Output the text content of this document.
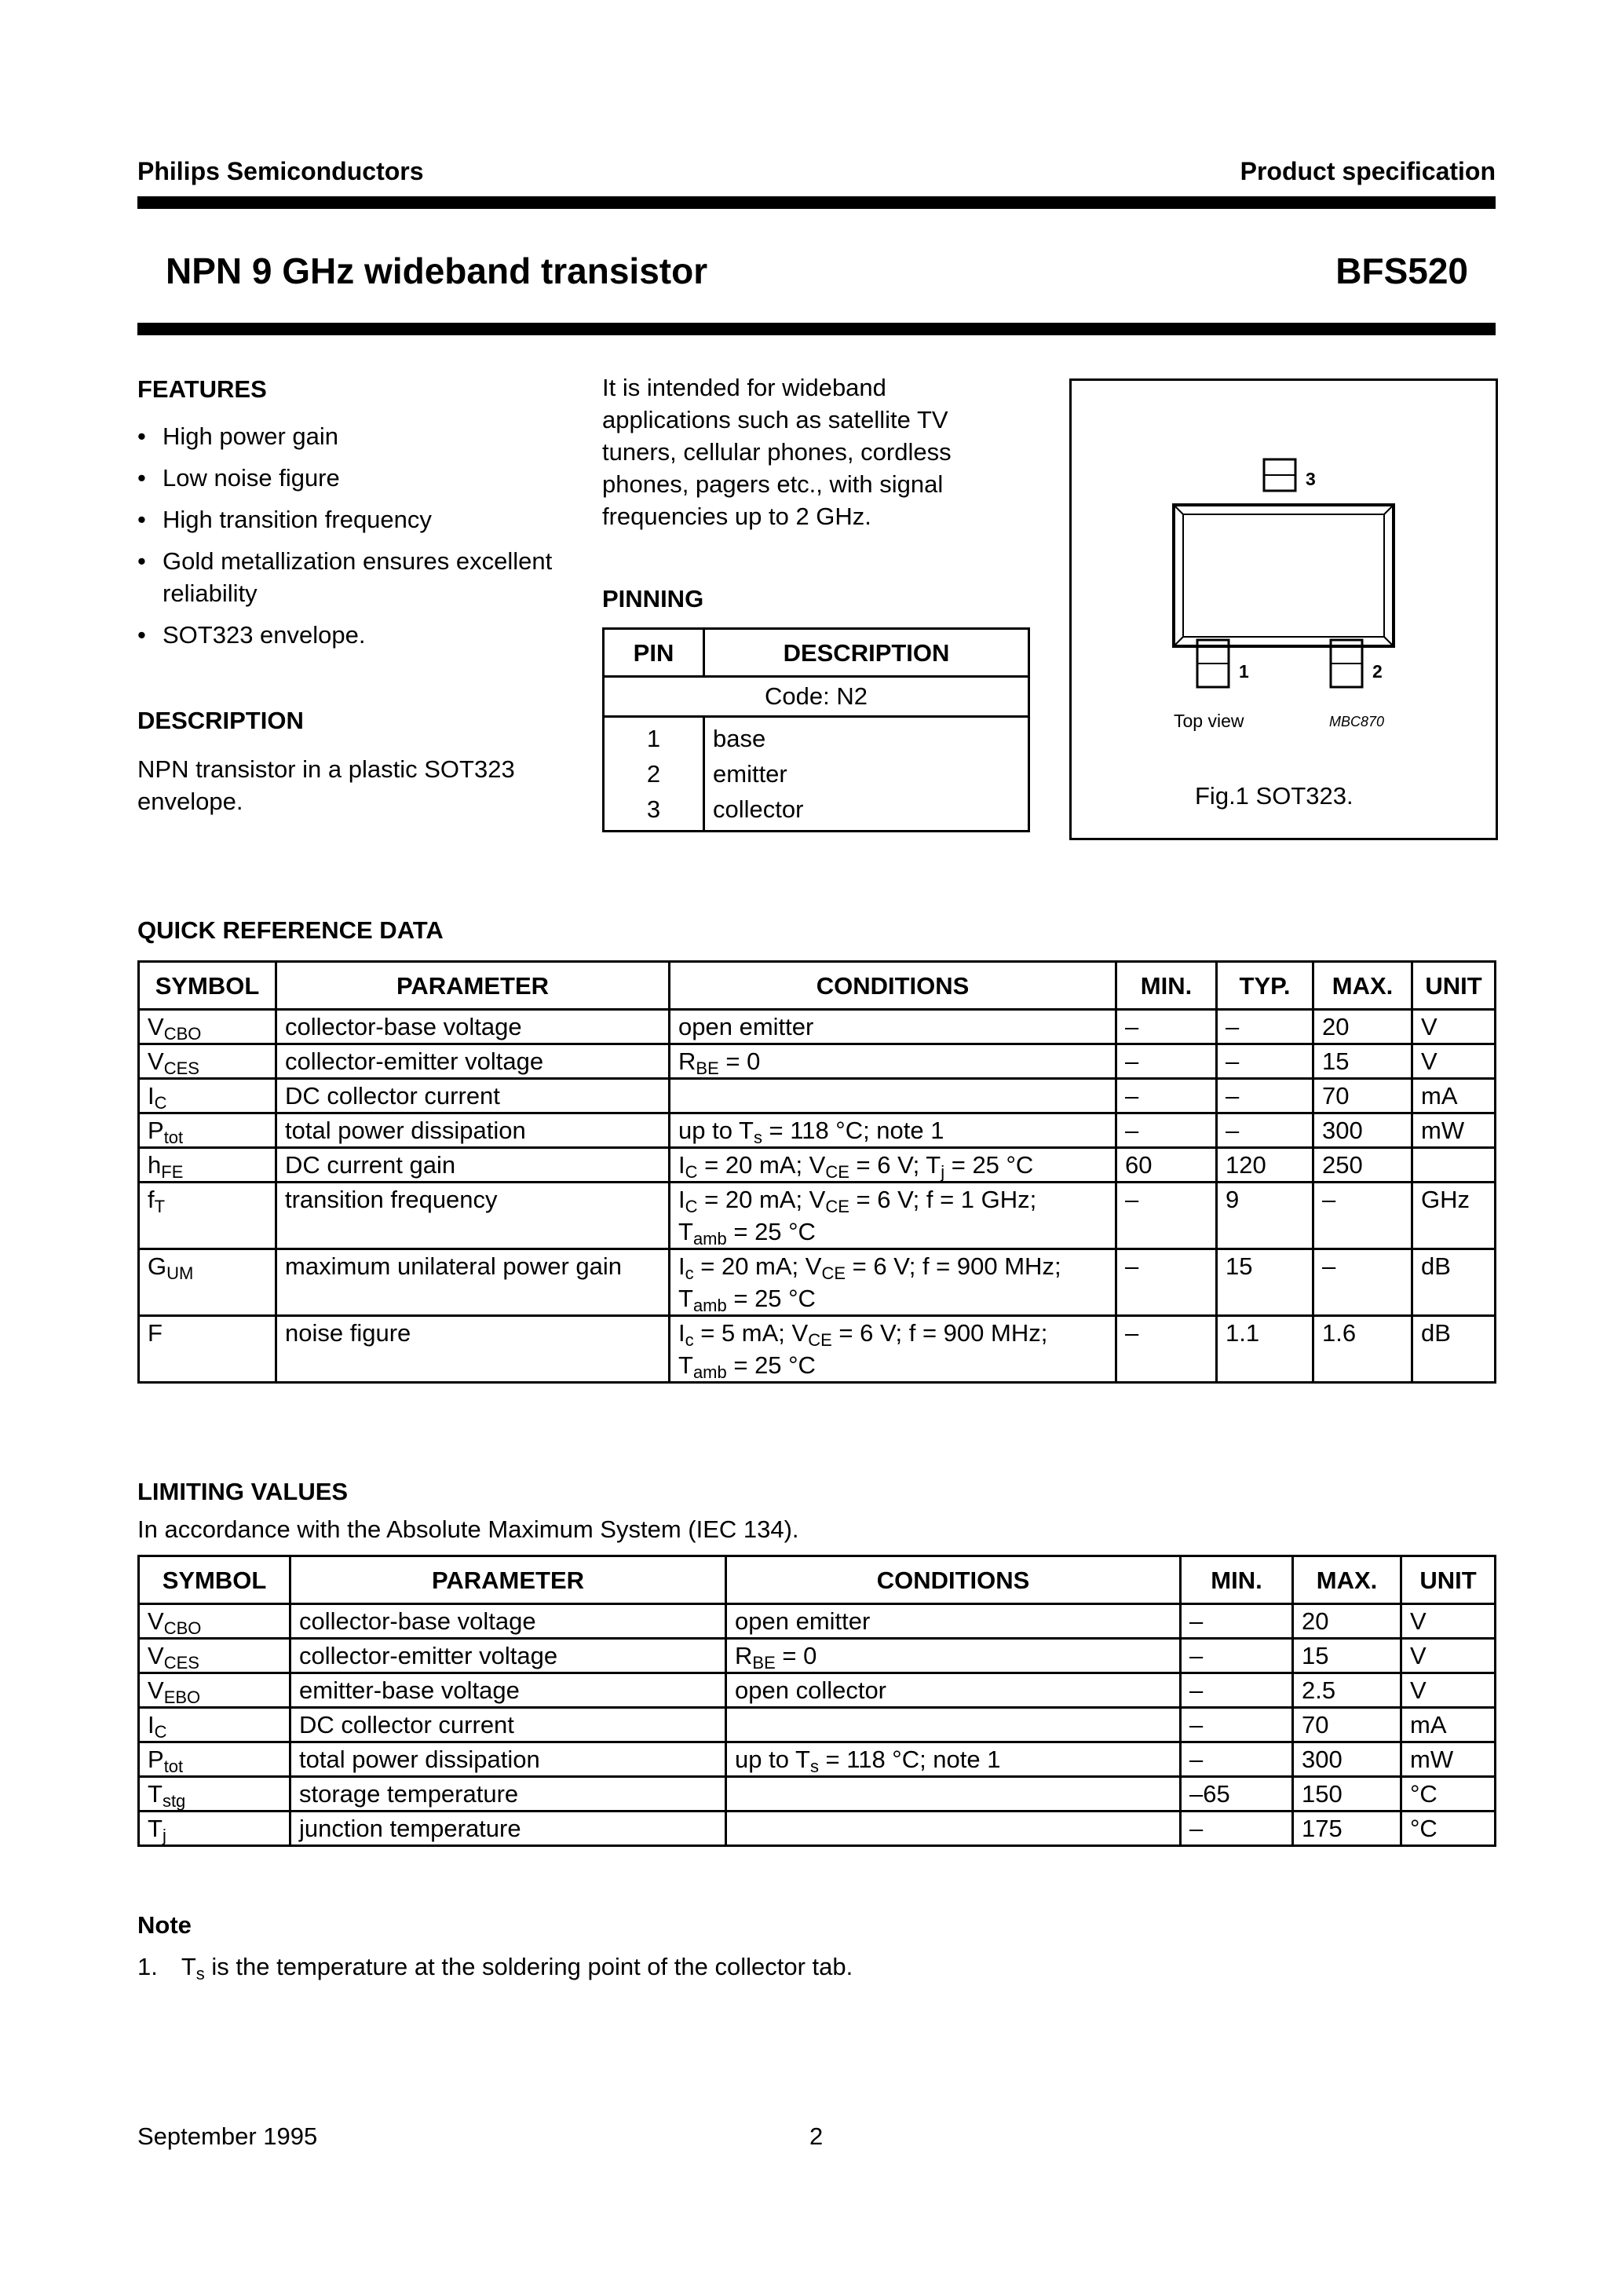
Philips Semiconductors	Product specification
NPN 9 GHz wideband transistor	BFS520
FEATURES
• High power gain
• Low noise figure
• High transition frequency
• Gold metallization ensures excellent reliability
• SOT323 envelope.
DESCRIPTION
NPN transistor in a plastic SOT323 envelope.
It is intended for wideband applications such as satellite TV tuners, cellular phones, cordless phones, pagers etc., with signal frequencies up to 2 GHz.
PINNING
PIN	DESCRIPTION
Code: N2	
1	base
2	emitter
3	collector
3
1	2
Top view	MBC870
Fig.1 SOT323.
QUICK REFERENCE DATA
SYMBOL	PARAMETER	CONDITIONS	MIN.	TYP.	MAX.	UNIT
$V_{CBO}$	collector-base voltage	open emitter	–	–	20	V
$V_{CES}$	collector-emitter voltage	$R_{BE} = 0$	–	–	15	V
$I_C$	DC collector current		–	–	70	mA
$P_{tot}$	total power dissipation	up to $T_s = 118$ °C; note 1	–	–	300	mW
$h_{FE}$	DC current gain	$I_C = 20$ mA; $V_{CE} = 6$ V; $T_j = 25$ °C	60	120	250	
$f_T$	transition frequency	$I_C = 20$ mA; $V_{CE} = 6$ V; f = 1 GHz;
$T_{amb} = 25$ °C	–	9	–	GHz
$G_{UM}$	maximum unilateral power gain	$I_c = 20$ mA; $V_{CE} = 6$ V; f = 900 MHz;
$T_{amb} = 25$ °C	–	15	–	dB
F	noise figure	$I_c = 5$ mA; $V_{CE} = 6$ V; f = 900 MHz;
$T_{amb} = 25$ °C	–	1.1	1.6	dB
LIMITING VALUES
In accordance with the Absolute Maximum System (IEC 134).
SYMBOL	PARAMETER	CONDITIONS	MIN.	MAX.	UNIT
$V_{CBO}$	collector-base voltage	open emitter	–	20	V
$V_{CES}$	collector-emitter voltage	$R_{BE} = 0$	–	15	V
$V_{EBO}$	emitter-base voltage	open collector	–	2.5	V
$I_C$	DC collector current		–	70	mA
$P_{tot}$	total power dissipation	up to $T_s = 118$ °C; note 1	–	300	mW
$T_{stg}$	storage temperature		–65	150	°C
$T_j$	junction temperature		–	175	°C
Note
1. $T_s$ is the temperature at the soldering point of the collector tab.
September 1995	2
